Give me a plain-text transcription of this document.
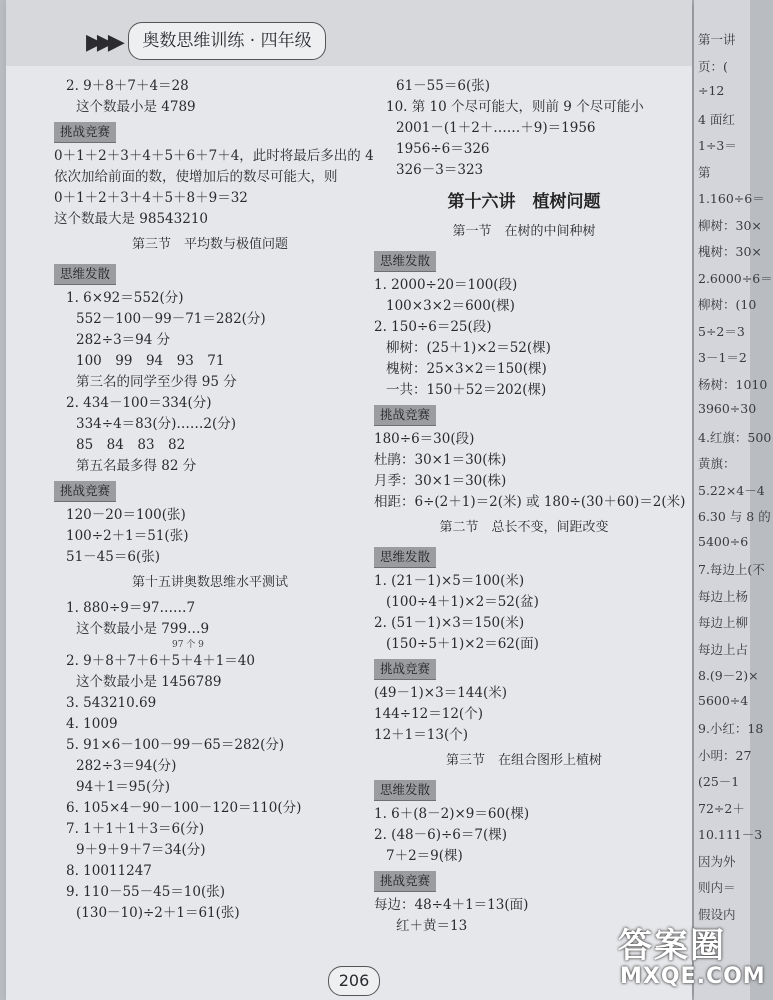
▶▶▶	奥数思维训练 · 四年级
2. 9＋8＋7＋4＝28
这个数最小是 4789
挑战竞赛
0＋1＋2＋3＋4＋5＋6＋7＋4，此时将最后多出的 4
依次加给前面的数，使增加后的数尽可能大，则
0＋1＋2＋3＋4＋5＋8＋9＝32
这个数最大是 98543210
第三节　平均数与极值问题
思维发散
1. 6×92＝552(分)
552－100－99－71＝282(分)
282÷3＝94 分
100　99　94　93　71
第三名的同学至少得 95 分
2. 434－100＝334(分)
334÷4＝83(分)……2(分)
85　84　83　82
第五名最多得 82 分
挑战竞赛
120－20＝100(张)
100÷2＋1＝51(张)
51－45＝6(张)
第十五讲奥数思维水平测试
1. 880÷9＝97……7
这个数最小是 799…9
97 个 9
2. 9＋8＋7＋6＋5＋4＋1＝40
这个数最小是 1456789
3. 543210.69
4. 1009
5. 91×6－100－99－65＝282(分)
282÷3＝94(分)
94＋1＝95(分)
6. 105×4－90－100－120＝110(分)
7. 1＋1＋1＋3＝6(分)
9＋9＋9＋7＝34(分)
8. 10011247
9. 110－55－45＝10(张)
(130－10)÷2＋1＝61(张)
61－55＝6(张)
10. 第 10 个尽可能大，则前 9 个尽可能小
2001－(1＋2＋……＋9)＝1956
1956÷6＝326
326－3＝323
第十六讲　植树问题
第一节　在树的中间种树
思维发散
1. 2000÷20＝100(段)
100×3×2＝600(棵)
2. 150÷6＝25(段)
柳树：(25＋1)×2＝52(棵)
槐树：25×3×2＝150(棵)
一共：150＋52＝202(棵)
挑战竞赛
180÷6＝30(段)
杜鹃：30×1＝30(株)
月季：30×1＝30(株)
相距：6÷(2＋1)＝2(米) 或 180÷(30＋60)＝2(米)
第二节　总长不变，间距改变
思维发散
1. (21－1)×5＝100(米)
(100÷4＋1)×2＝52(盆)
2. (51－1)×3＝150(米)
(150÷5＋1)×2＝62(面)
挑战竞赛
(49－1)×3＝144(米)
144÷12＝12(个)
12＋1＝13(个)
第三节　在组合图形上植树
思维发散
1. 6＋(8－2)×9＝60(棵)
2. (48－6)÷6＝7(棵)
7＋2＝9(棵)
挑战竞赛
每边：48÷4＋1＝13(面)
红＋黄＝13
206
第一讲
页：(
÷12
4 面红
1÷3＝
第
1.160÷6＝
柳树：30×
槐树：30×
2.6000÷6＝
柳树：(10
5÷2＝3
3－1＝2
杨树：1010
3960÷30
4.红旗：500
黄旗：
5.22×4－4
6.30 与 8 的
5400÷6
7.每边上(不
每边上杨
每边上柳
每边上占
8.(9－2)×
5600÷4
9.小红：18
小明：27
(25－1
72÷2＋
10.111－3
因为外
则内＝
假设内
答案圈
MXQE.COM
